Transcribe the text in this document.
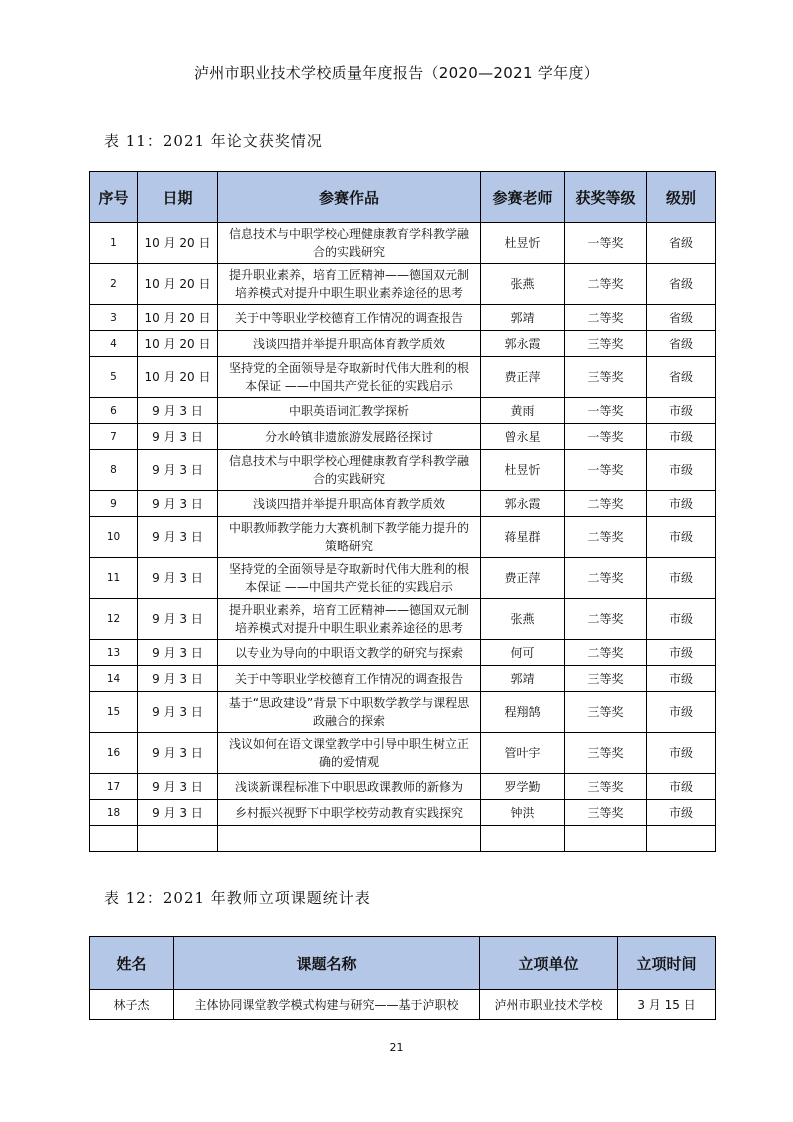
泸州市职业技术学校质量年度报告（2020—2021 学年度）
表 11：2021 年论文获奖情况
序号	日期	参赛作品	参赛老师	获奖等级	级别
1	10 月 20 日	信息技术与中职学校心理健康教育学科教学融合的实践研究	杜昱忻	一等奖	省级
2	10 月 20 日	提升职业素养，培育工匠精神——德国双元制培养模式对提升中职生职业素养途径的思考	张燕	二等奖	省级
3	10 月 20 日	关于中等职业学校德育工作情况的调查报告	郭靖	二等奖	省级
4	10 月 20 日	浅谈四措并举提升职高体育教学质效	郭永霞	三等奖	省级
5	10 月 20 日	坚持党的全面领导是夺取新时代伟大胜利的根本保证 ——中国共产党长征的实践启示	费正萍	三等奖	省级
6	9 月 3 日	中职英语词汇教学探析	黄雨	一等奖	市级
7	9 月 3 日	分水岭镇非遗旅游发展路径探讨	曾永星	一等奖	市级
8	9 月 3 日	信息技术与中职学校心理健康教育学科教学融合的实践研究	杜昱忻	一等奖	市级
9	9 月 3 日	浅谈四措并举提升职高体育教学质效	郭永霞	二等奖	市级
10	9 月 3 日	中职教师教学能力大赛机制下教学能力提升的策略研究	蒋星群	二等奖	市级
11	9 月 3 日	坚持党的全面领导是夺取新时代伟大胜利的根本保证 ——中国共产党长征的实践启示	费正萍	二等奖	市级
12	9 月 3 日	提升职业素养，培育工匠精神——德国双元制培养模式对提升中职生职业素养途径的思考	张燕	二等奖	市级
13	9 月 3 日	以专业为导向的中职语文教学的研究与探索	何可	二等奖	市级
14	9 月 3 日	关于中等职业学校德育工作情况的调查报告	郭靖	三等奖	市级
15	9 月 3 日	基于“思政建设”背景下中职数学教学与课程思政融合的探索	程翔鹄	三等奖	市级
16	9 月 3 日	浅议如何在语文课堂教学中引导中职生树立正确的爱情观	管叶宇	三等奖	市级
17	9 月 3 日	浅谈新课程标准下中职思政课教师的新修为	罗学勤	三等奖	市级
18	9 月 3 日	乡村振兴视野下中职学校劳动教育实践探究	钟洪	三等奖	市级

表 12：2021 年教师立项课题统计表
姓名	课题名称	立项单位	立项时间
林子杰	主体协同课堂教学模式构建与研究——基于泸职校	泸州市职业技术学校	3 月 15 日
21
